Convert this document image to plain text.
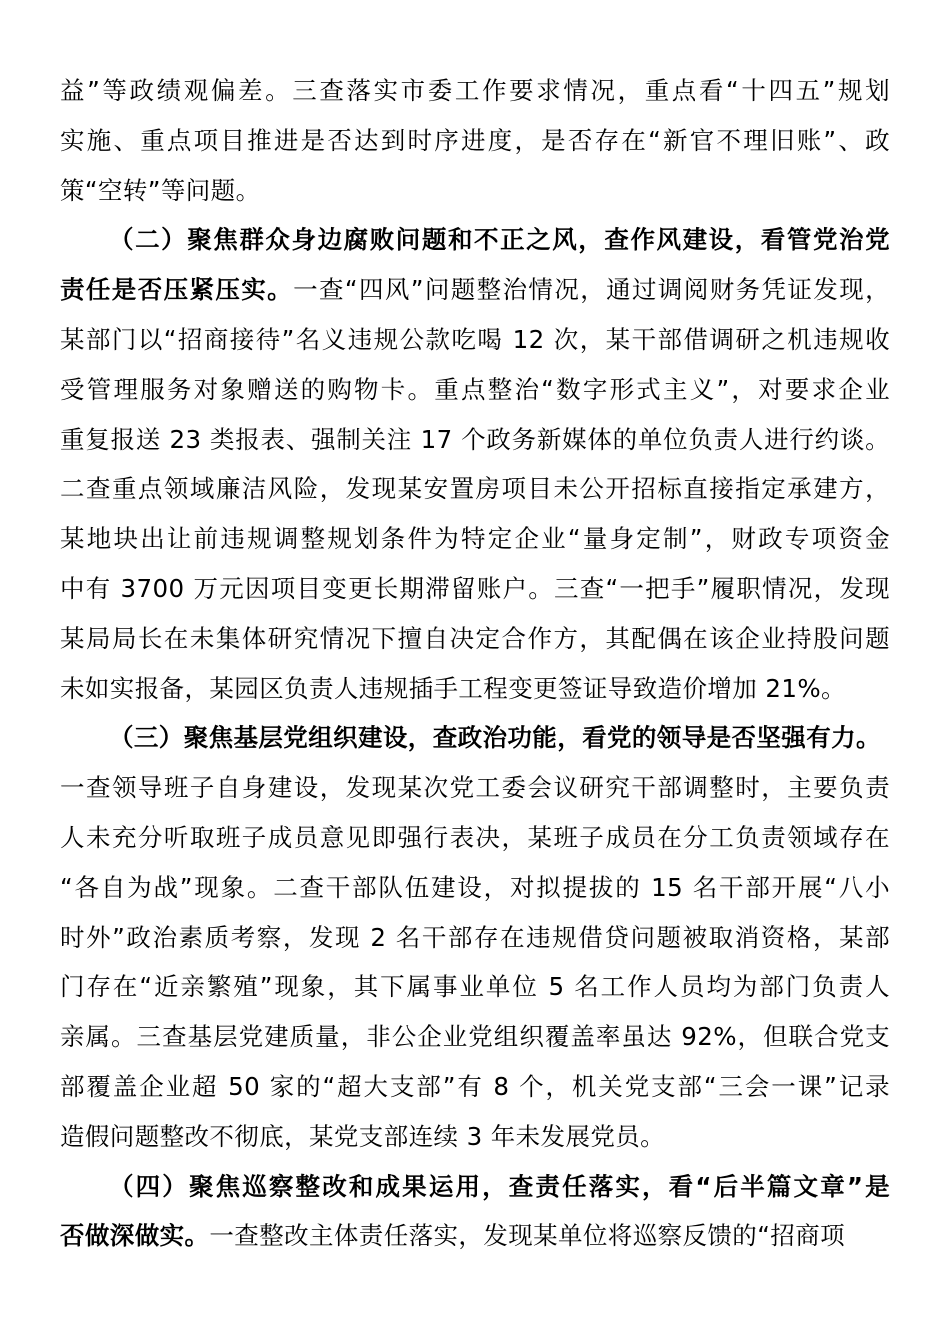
益”等政绩观偏差。三查落实市委工作要求情况，重点看“十四五”规划
实施、重点项目推进是否达到时序进度，是否存在“新官不理旧账”、政
策“空转”等问题。
（二）聚焦群众身边腐败问题和不正之风，查作风建设，看管党治党
责任是否压紧压实。一查“四风”问题整治情况，通过调阅财务凭证发现，
某部门以“招商接待”名义违规公款吃喝 12 次，某干部借调研之机违规收
受管理服务对象赠送的购物卡。重点整治“数字形式主义”，对要求企业
重复报送 23 类报表、强制关注 17 个政务新媒体的单位负责人进行约谈。
二查重点领域廉洁风险，发现某安置房项目未公开招标直接指定承建方，
某地块出让前违规调整规划条件为特定企业“量身定制”，财政专项资金
中有 3700 万元因项目变更长期滞留账户。三查“一把手”履职情况，发现
某局局长在未集体研究情况下擅自决定合作方，其配偶在该企业持股问题
未如实报备，某园区负责人违规插手工程变更签证导致造价增加 21%。
（三）聚焦基层党组织建设，查政治功能，看党的领导是否坚强有力。
一查领导班子自身建设，发现某次党工委会议研究干部调整时，主要负责
人未充分听取班子成员意见即强行表决，某班子成员在分工负责领域存在
“各自为战”现象。二查干部队伍建设，对拟提拔的 15 名干部开展“八小
时外”政治素质考察，发现 2 名干部存在违规借贷问题被取消资格，某部
门存在“近亲繁殖”现象，其下属事业单位 5 名工作人员均为部门负责人
亲属。三查基层党建质量，非公企业党组织覆盖率虽达 92%，但联合党支
部覆盖企业超 50 家的“超大支部”有 8 个，机关党支部“三会一课”记录
造假问题整改不彻底，某党支部连续 3 年未发展党员。
（四）聚焦巡察整改和成果运用，查责任落实，看“后半篇文章”是
否做深做实。一查整改主体责任落实，发现某单位将巡察反馈的“招商项
